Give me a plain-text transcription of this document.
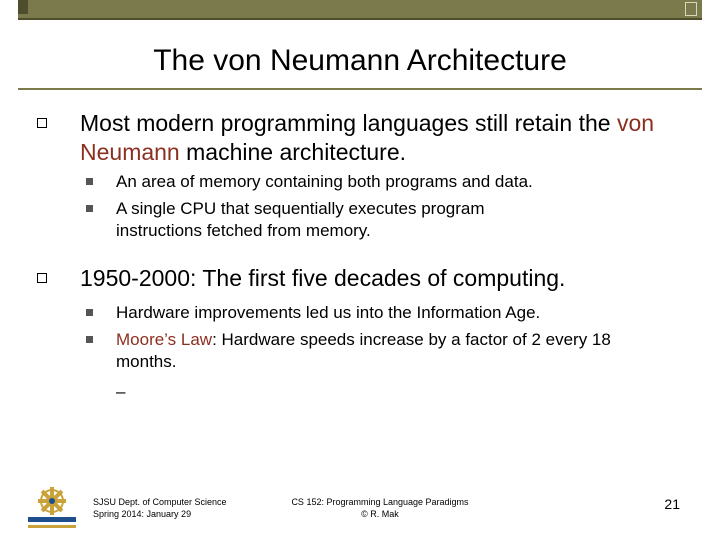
The von Neumann Architecture
Most modern programming languages still retain the von Neumann machine architecture.
An area of memory containing both programs and data.
A single CPU that sequentially executes program instructions fetched from memory.
1950-2000: The first five decades of computing.
Hardware improvements led us into the Information Age.
Moore’s Law: Hardware speeds increase by a factor of 2 every 18 months.
–
SJSU Dept. of Computer Science
Spring 2014: January 29
CS 152: Programming Language Paradigms
© R. Mak
21
